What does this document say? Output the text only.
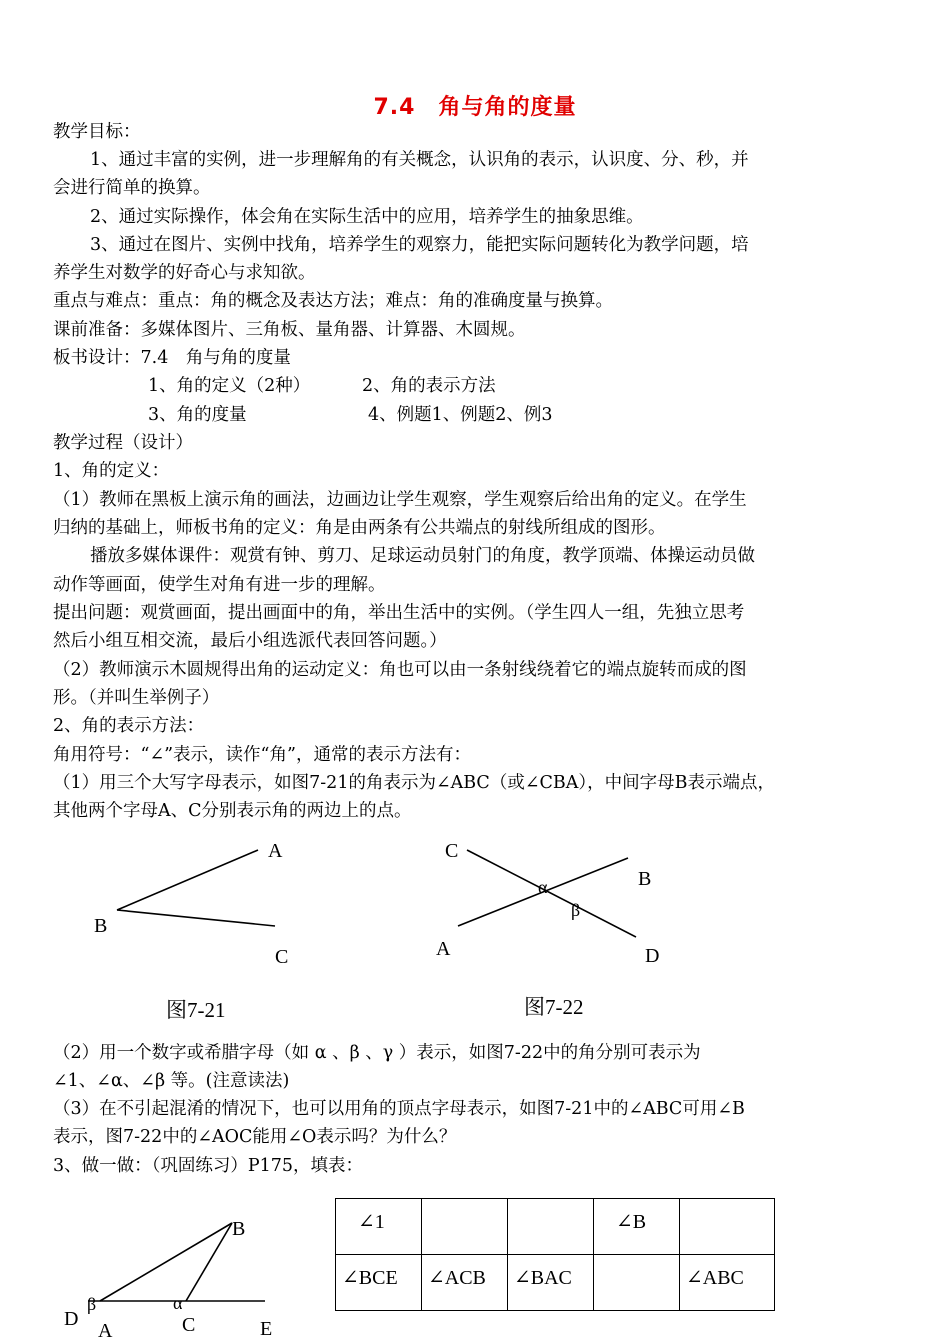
7.4　角与角的度量
教学目标：
1、通过丰富的实例，进一步理解角的有关概念，认识角的表示，认识度、分、秒，并
会进行简单的换算。
2、通过实际操作，体会角在实际生活中的应用，培养学生的抽象思维。
3、通过在图片、实例中找角，培养学生的观察力，能把实际问题转化为教学问题，培
养学生对数学的好奇心与求知欲。
重点与难点：重点：角的概念及表达方法；难点：角的准确度量与换算。
课前准备：多媒体图片、三角板、量角器、计算器、木圆规。
板书设计：7.4　角与角的度量
1、角的定义（2种）	2、角的表示方法
3、角的度量	4、例题1、例题2、例3
教学过程（设计）
1、角的定义：
（1）教师在黑板上演示角的画法，边画边让学生观察，学生观察后给出角的定义。在学生
归纳的基础上，师板书角的定义：角是由两条有公共端点的射线所组成的图形。
播放多媒体课件：观赏有钟、剪刀、足球运动员射门的角度，教学顶端、体操运动员做
动作等画面，使学生对角有进一步的理解。
提出问题：观赏画面，提出画面中的角，举出生活中的实例。（学生四人一组，先独立思考
然后小组互相交流，最后小组选派代表回答问题。）
（2）教师演示木圆规得出角的运动定义：角也可以由一条射线绕着它的端点旋转而成的图
形。（并叫生举例子）
2、角的表示方法：
角用符号：“∠”表示，读作“角”，通常的表示方法有：
（1）用三个大写字母表示，如图7-21的角表示为∠ABC（或∠CBA），中间字母B表示端点，
其他两个字母A、C分别表示角的两边上的点。
A
B
C
图7-21
C
B
α
β
A	D
图7-22
（2）用一个数字或希腊字母（如 α 、β 、γ ）表示，如图7-22中的角分别可表示为
∠1、∠α、∠β 等。(注意读法)
（3）在不引起混淆的情况下，也可以用角的顶点字母表示，如图7-21中的∠ABC可用∠B
表示，图7-22中的∠AOC能用∠O表示吗？为什么？
3、做一做：（巩固练习）P175，填表：
B
β	α
D
A	C	E
∠1			∠B	
∠BCE	∠ACB	∠BAC		∠ABC
